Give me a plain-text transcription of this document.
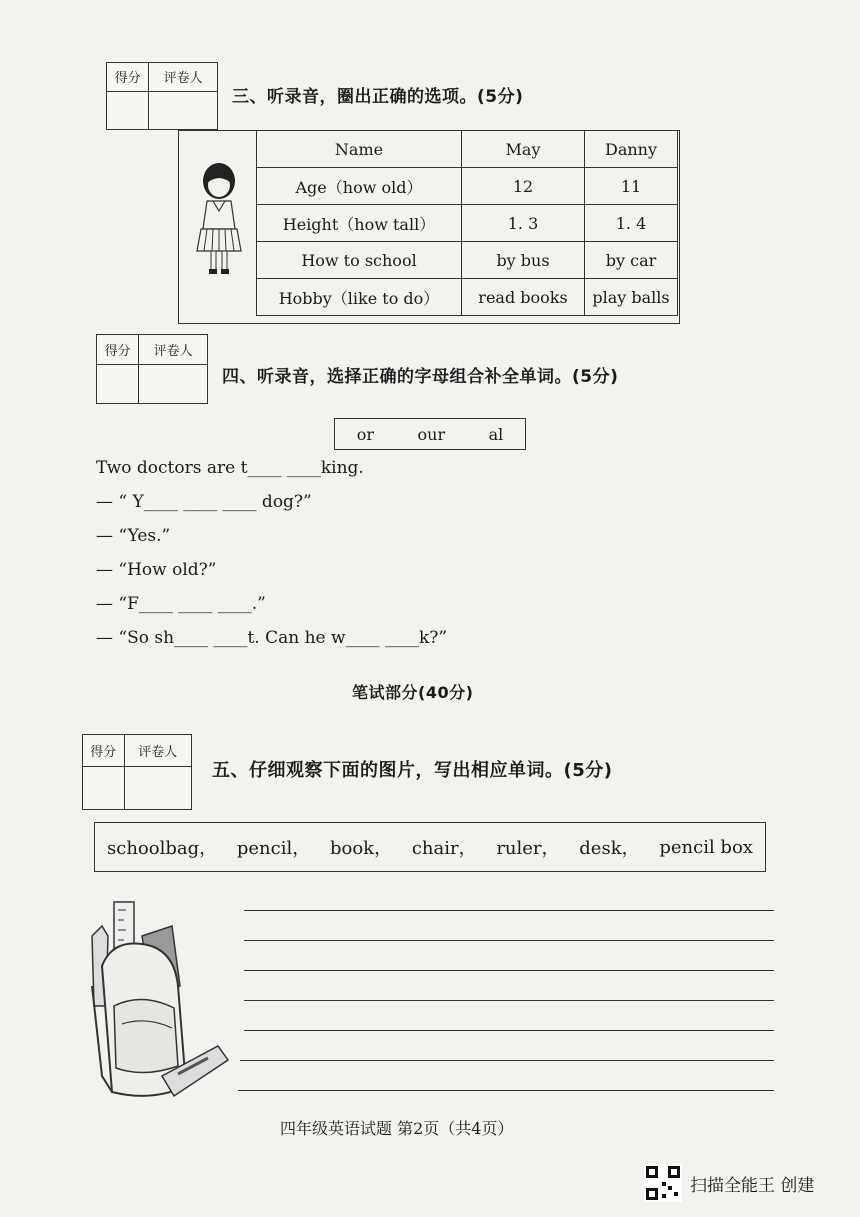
得分	评卷人
三、听录音，圈出正确的选项。(5分)
Name	May	Danny
Age（how old）	12	11
Height（how tall）	1. 3	1. 4
How to school	by bus	by car
Hobby（like to do）	read books	play balls
得分	评卷人
四、听录音，选择正确的字母组合补全单词。(5分)
or	our	al
Two doctors are t____ ____king.
— “ Y____ ____ ____ dog?”
— “Yes.”
— “How old?”
— “F____ ____ ____.”
— “So sh____ ____t. Can he w____ ____k?”
笔试部分(40分)
得分	评卷人
五、仔细观察下面的图片，写出相应单词。(5分)
schoolbag， pencil， book， chair， ruler， desk， pencil box
四年级英语试题 第2页（共4页）
扫描全能王 创建
